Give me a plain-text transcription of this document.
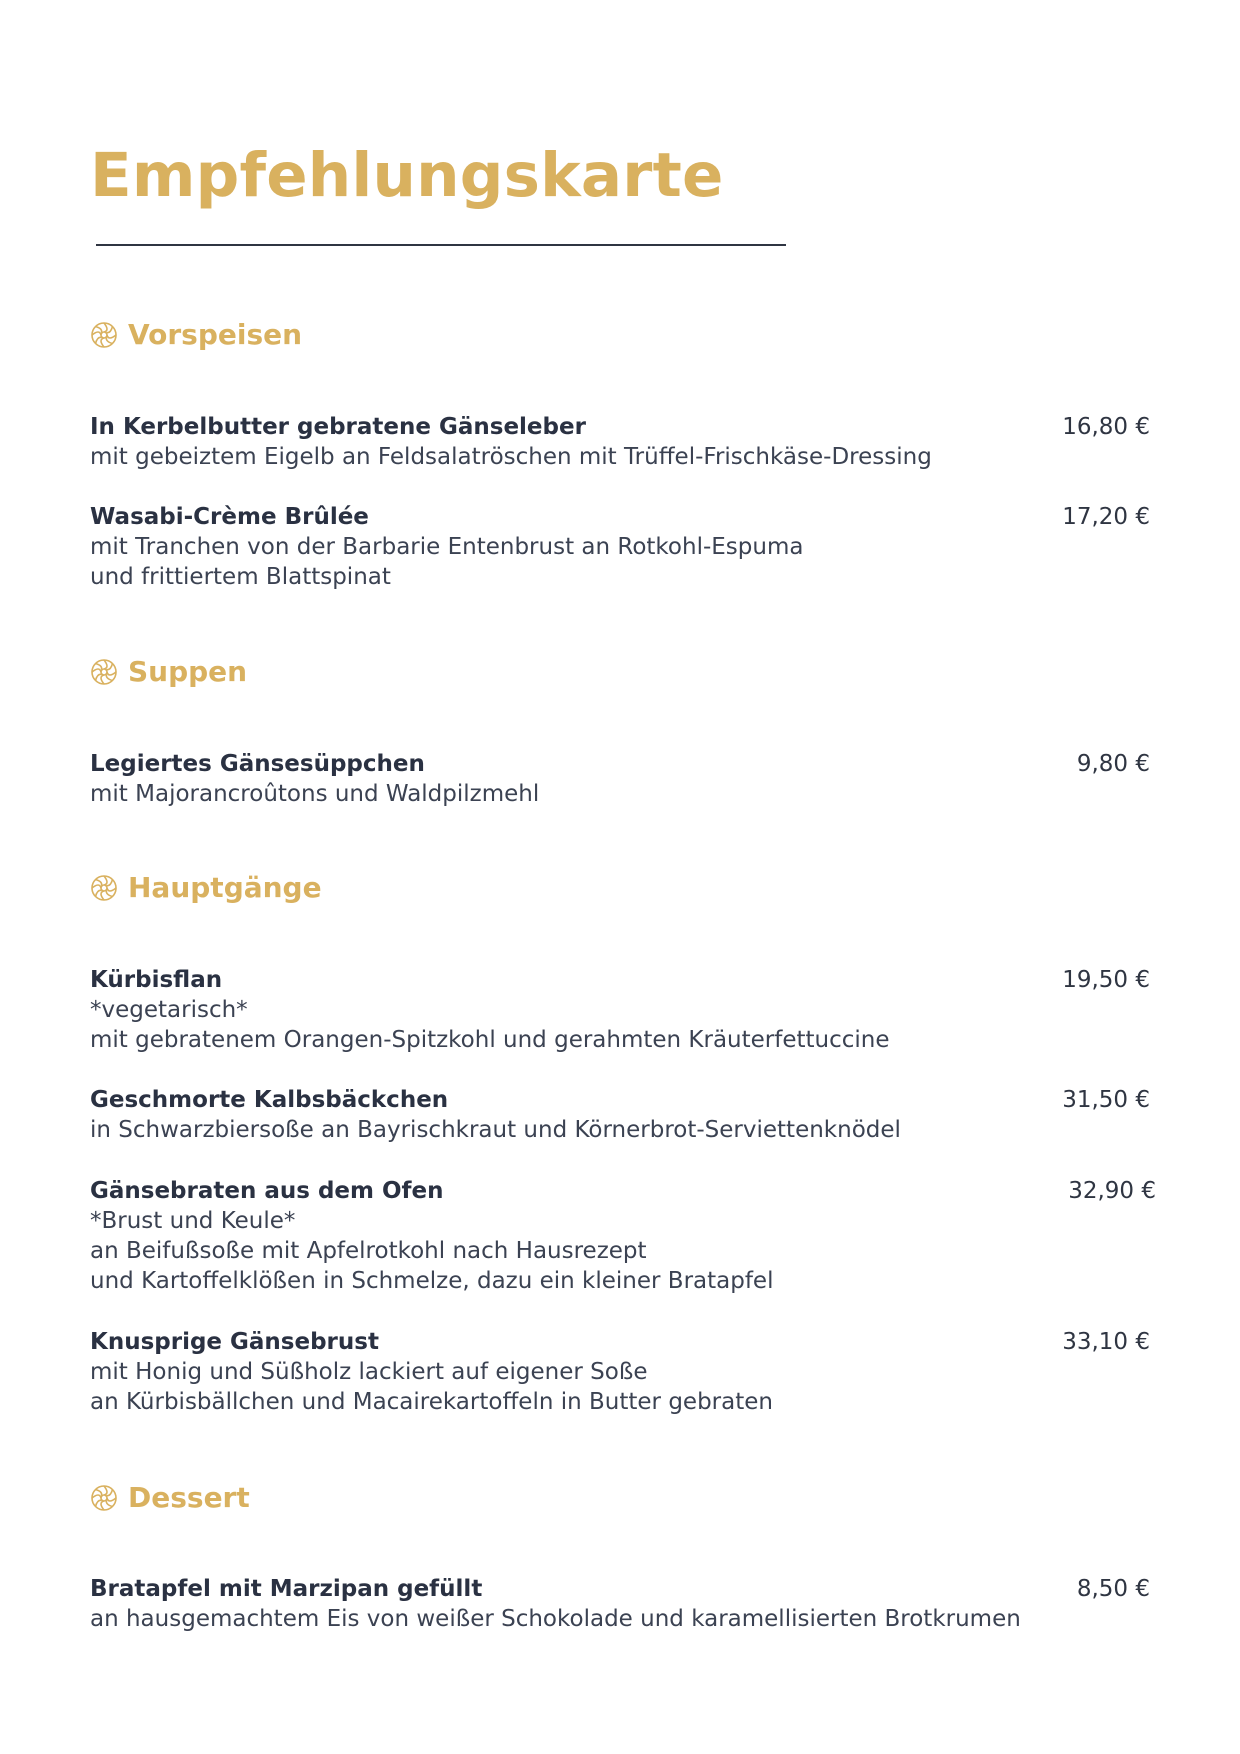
Empfehlungskarte
Vorspeisen
In Kerbelbutter gebratene Gänseleber
mit gebeiztem Eigelb an Feldsalatröschen mit Trüffel-Frischkäse-Dressing
16,80 €
Wasabi-Crème Brûlée
mit Tranchen von der Barbarie Entenbrust an Rotkohl-Espuma
und frittiertem Blattspinat
17,20 €
Suppen
Legiertes Gänsesüppchen
mit Majorancroûtons und Waldpilzmehl
9,80 €
Hauptgänge
Kürbisflan
*vegetarisch*
mit gebratenem Orangen-Spitzkohl und gerahmten Kräuterfettuccine
19,50 €
Geschmorte Kalbsbäckchen
in Schwarzbiersoße an Bayrischkraut und Körnerbrot-Serviettenknödel
31,50 €
Gänsebraten aus dem Ofen
*Brust und Keule*
an Beifußsoße mit Apfelrotkohl nach Hausrezept
und Kartoffelklößen in Schmelze, dazu ein kleiner Bratapfel
32,90 €
Knusprige Gänsebrust
mit Honig und Süßholz lackiert auf eigener Soße
an Kürbisbällchen und Macairekartoffeln in Butter gebraten
33,10 €
Dessert
Bratapfel mit Marzipan gefüllt
an hausgemachtem Eis von weißer Schokolade und karamellisierten Brotkrumen
8,50 €
